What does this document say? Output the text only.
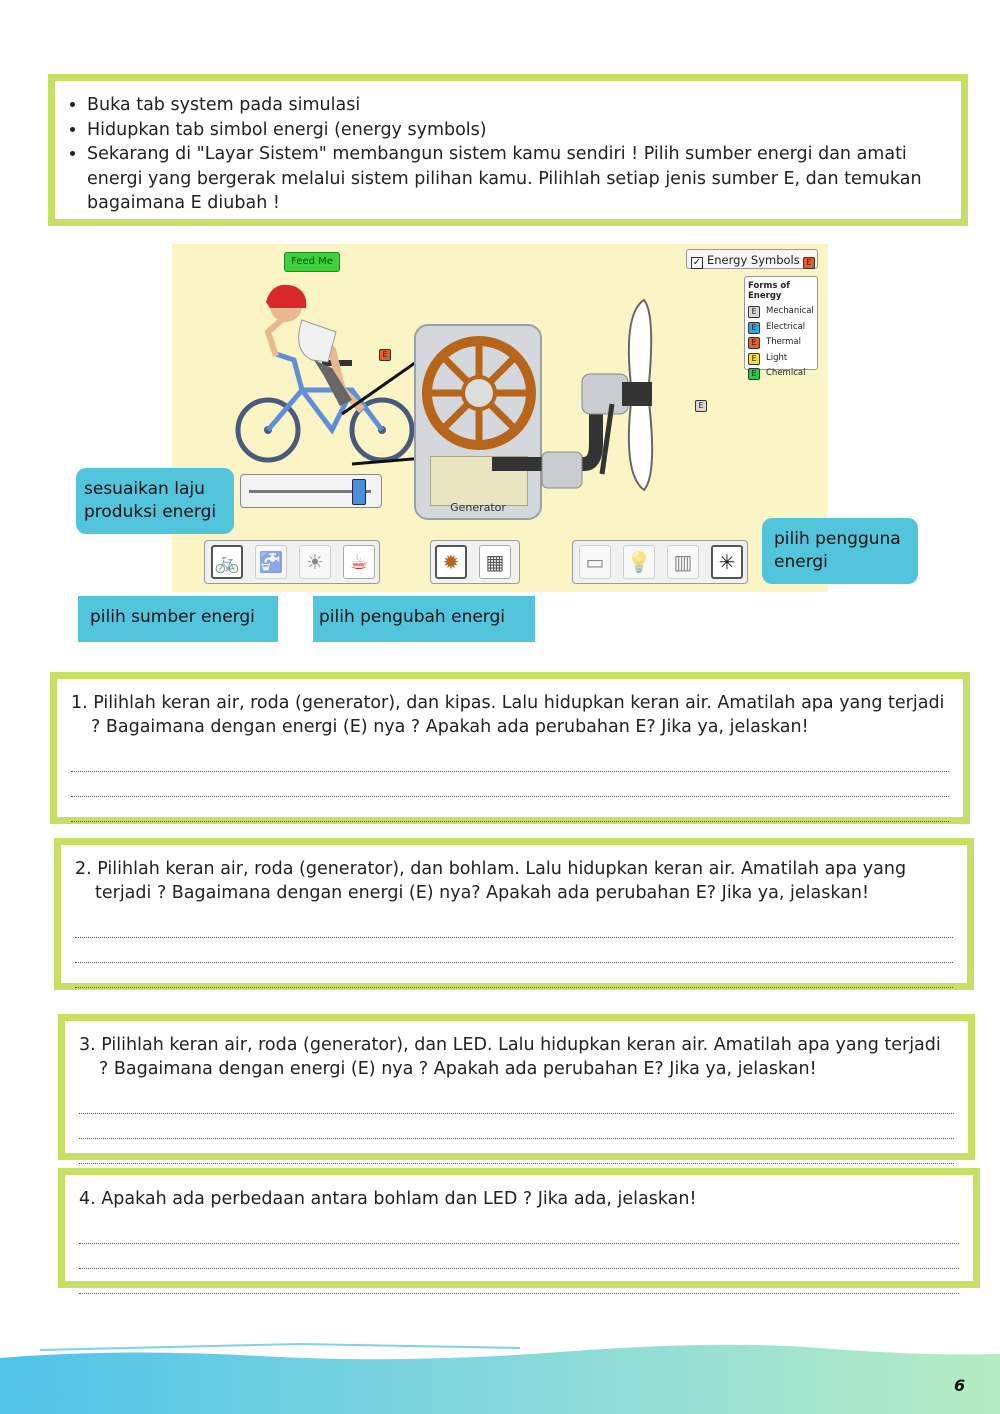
• Buka tab system pada simulasi
• Hidupkan tab simbol energi (energy symbols)
• Sekarang di "Layar Sistem" membangun sistem kamu sendiri ! Pilih sumber energi dan amati energi yang bergerak melalui sistem pilihan kamu. Pilihlah setiap jenis sumber E, dan temukan bagaimana E diubah !
Feed Me	✓ Energy Symbols E
Forms of Energy
E Mechanical
E Electrical
E Thermal
E Light
E Chemical
Generator
E
E
🚲 🚰 ☀ ☕	✹ ▦	▭ 💡 ▥ ✳
sesuaikan laju produksi energi
pilih pengguna energi
pilih sumber energi	pilih pengubah energi
1. Pilihlah keran air, roda (generator), dan kipas. Lalu hidupkan keran air. Amatilah apa yang terjadi ? Bagaimana dengan energi (E) nya ? Apakah ada perubahan E? Jika ya, jelaskan!
2. Pilihlah keran air, roda (generator), dan bohlam. Lalu hidupkan keran air. Amatilah apa yang terjadi ? Bagaimana dengan energi (E) nya? Apakah ada perubahan E? Jika ya, jelaskan!
3. Pilihlah keran air, roda (generator), dan LED. Lalu hidupkan keran air. Amatilah apa yang terjadi ? Bagaimana dengan energi (E) nya ? Apakah ada perubahan E? Jika ya, jelaskan!
4. Apakah ada perbedaan antara bohlam dan LED ? Jika ada, jelaskan!
6
